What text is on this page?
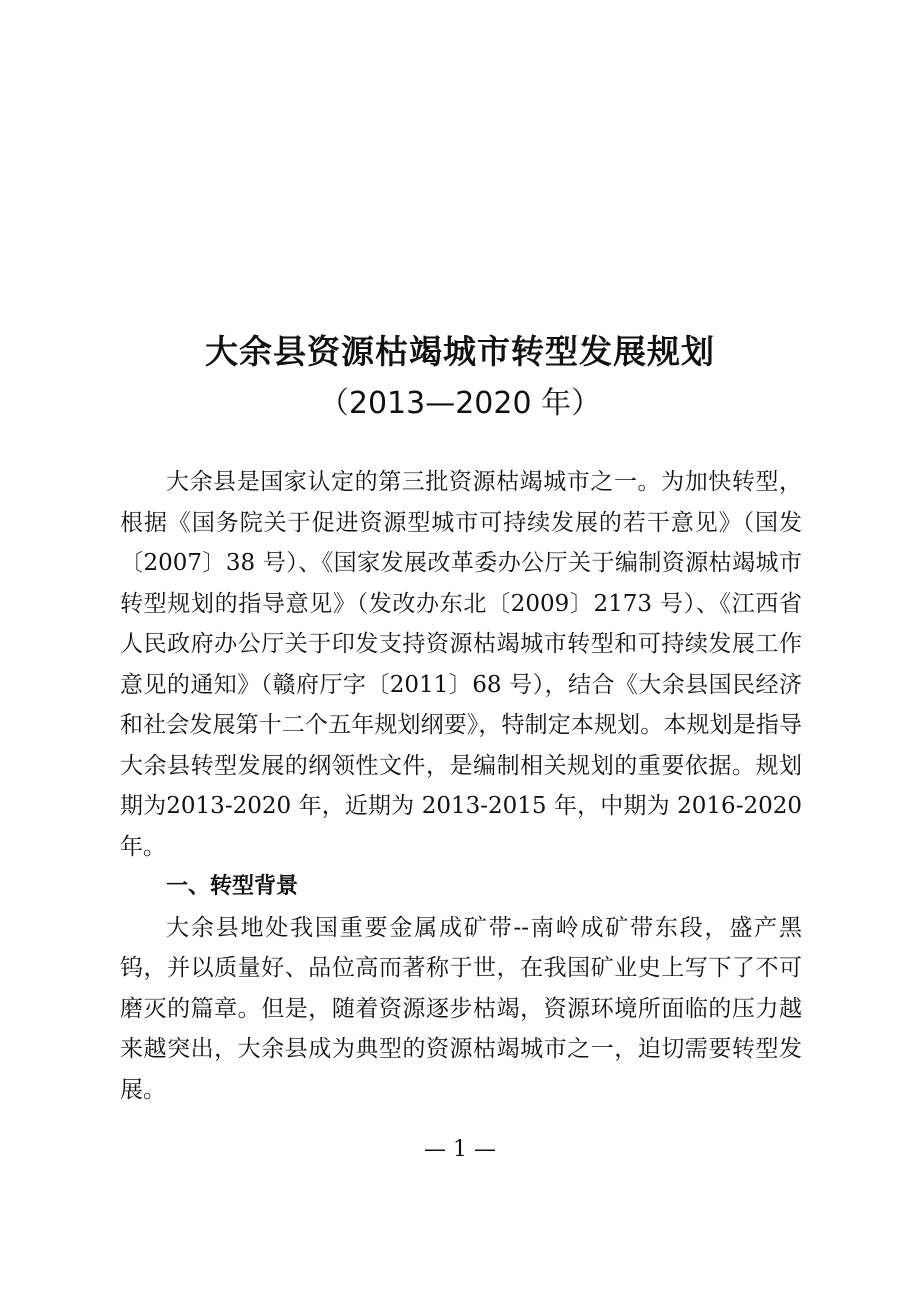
大余县资源枯竭城市转型发展规划
（2013—2020 年）

大余县是国家认定的第三批资源枯竭城市之一。为加快转型，根据《国务院关于促进资源型城市可持续发展的若干意见》（国发〔2007〕38 号）、《国家发展改革委办公厅关于编制资源枯竭城市转型规划的指导意见》（发改办东北〔2009〕2173 号）、《江西省人民政府办公厅关于印发支持资源枯竭城市转型和可持续发展工作意见的通知》（赣府厅字〔2011〕68 号），结合《大余县国民经济和社会发展第十二个五年规划纲要》，特制定本规划。本规划是指导大余县转型发展的纲领性文件，是编制相关规划的重要依据。规划期为2013-2020 年，近期为 2013-2015 年，中期为 2016-2020 年。

一、转型背景

大余县地处我国重要金属成矿带--南岭成矿带东段，盛产黑钨，并以质量好、品位高而著称于世，在我国矿业史上写下了不可磨灭的篇章。但是，随着资源逐步枯竭，资源环境所面临的压力越来越突出，大余县成为典型的资源枯竭城市之一，迫切需要转型发展。

— 1 —
